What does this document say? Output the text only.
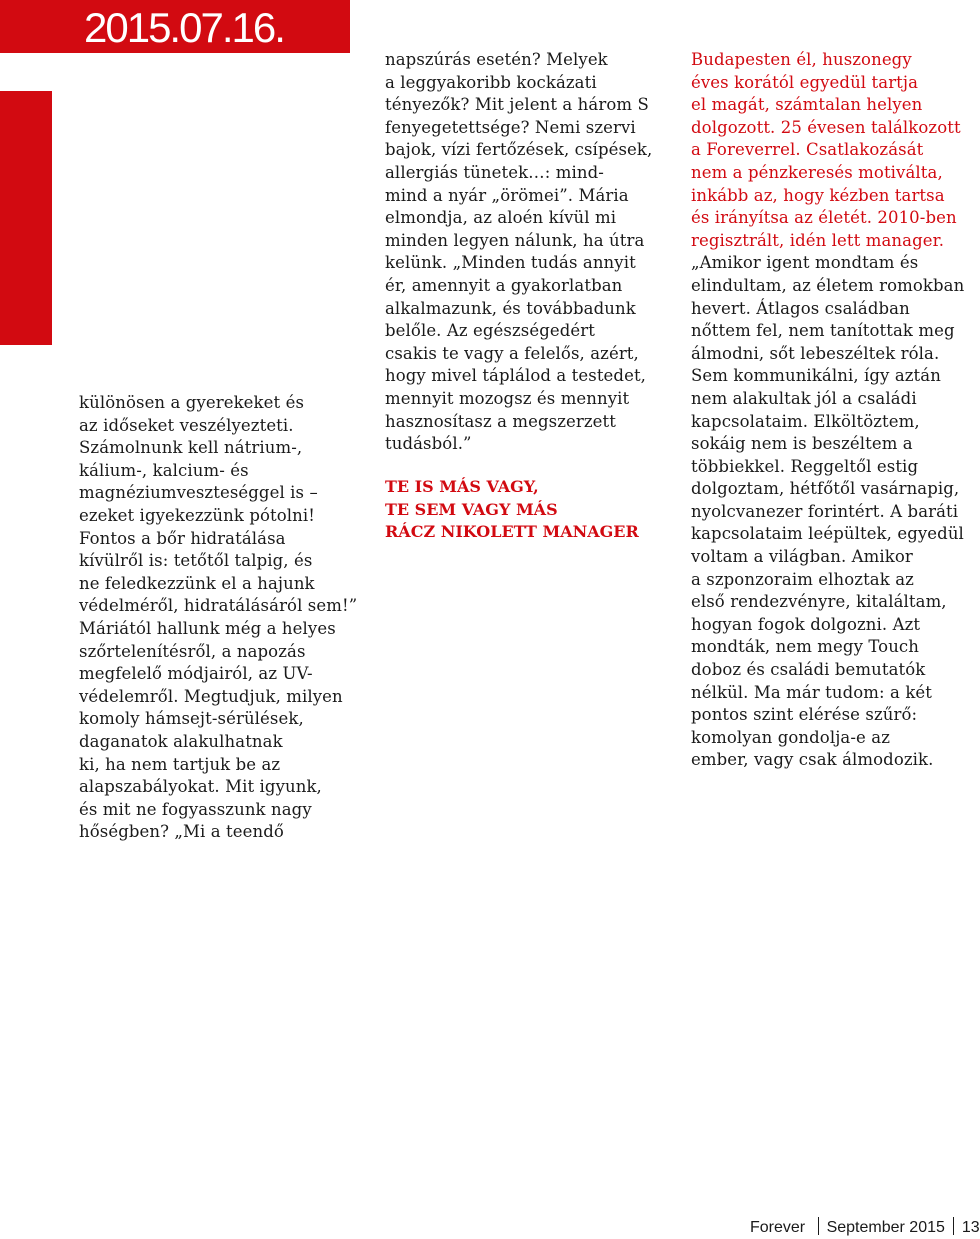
2015.07.16.

különösen a gyerekeket és
az időseket veszélyezteti.
Számolnunk kell nátrium-,
kálium-, kalcium- és
magnéziumveszteséggel is –
ezeket igyekezzünk pótolni!
Fontos a bőr hidratálása
kívülről is: tetőtől talpig, és
ne feledkezzünk el a hajunk
védelméről, hidratálásáról sem!”
Máriától hallunk még a helyes
szőrtelenítésről, a napozás
megfelelő módjairól, az UV-
védelemről. Megtudjuk, milyen
komoly hámsejt-sérülések,
daganatok alakulhatnak
ki, ha nem tartjuk be az
alapszabályokat. Mit igyunk,
és mit ne fogyasszunk nagy
hőségben? „Mi a teendő

napszúrás esetén? Melyek
a leggyakoribb kockázati
tényezők? Mit jelent a három S
fenyegetettsége? Nemi szervi
bajok, vízi fertőzések, csípések,
allergiás tünetek…: mind-
mind a nyár „örömei”. Mária
elmondja, az aloén kívül mi
minden legyen nálunk, ha útra
kelünk. „Minden tudás annyit
ér, amennyit a gyakorlatban
alkalmazunk, és továbbadunk
belőle. Az egészségedért
csakis te vagy a felelős, azért,
hogy mivel táplálod a testedet,
mennyit mozogsz és mennyit
hasznosítasz a megszerzett
tudásból.”

TE IS MÁS VAGY,
TE SEM VAGY MÁS
RÁCZ NIKOLETT MANAGER

Budapesten él, huszonegy
éves korától egyedül tartja
el magát, számtalan helyen
dolgozott. 25 évesen találkozott
a Foreverrel. Csatlakozását
nem a pénzkeresés motiválta,
inkább az, hogy kézben tartsa
és irányítsa az életét. 2010-ben
regisztrált, idén lett manager.
„Amikor igent mondtam és
elindultam, az életem romokban
hevert. Átlagos családban
nőttem fel, nem tanítottak meg
álmodni, sőt lebeszéltek róla.
Sem kommunikálni, így aztán
nem alakultak jól a családi
kapcsolataim. Elköltöztem,
sokáig nem is beszéltem a
többiekkel. Reggeltől estig
dolgoztam, hétfőtől vasárnapig,
nyolcvanezer forintért. A baráti
kapcsolataim leépültek, egyedül
voltam a világban. Amikor
a szponzoraim elhoztak az
első rendezvényre, kitaláltam,
hogyan fogok dolgozni. Azt
mondták, nem megy Touch
doboz és családi bemutatók
nélkül. Ma már tudom: a két
pontos szint elérése szűrő:
komolyan gondolja-e az
ember, vagy csak álmodozik.
Forever September 2015 13
